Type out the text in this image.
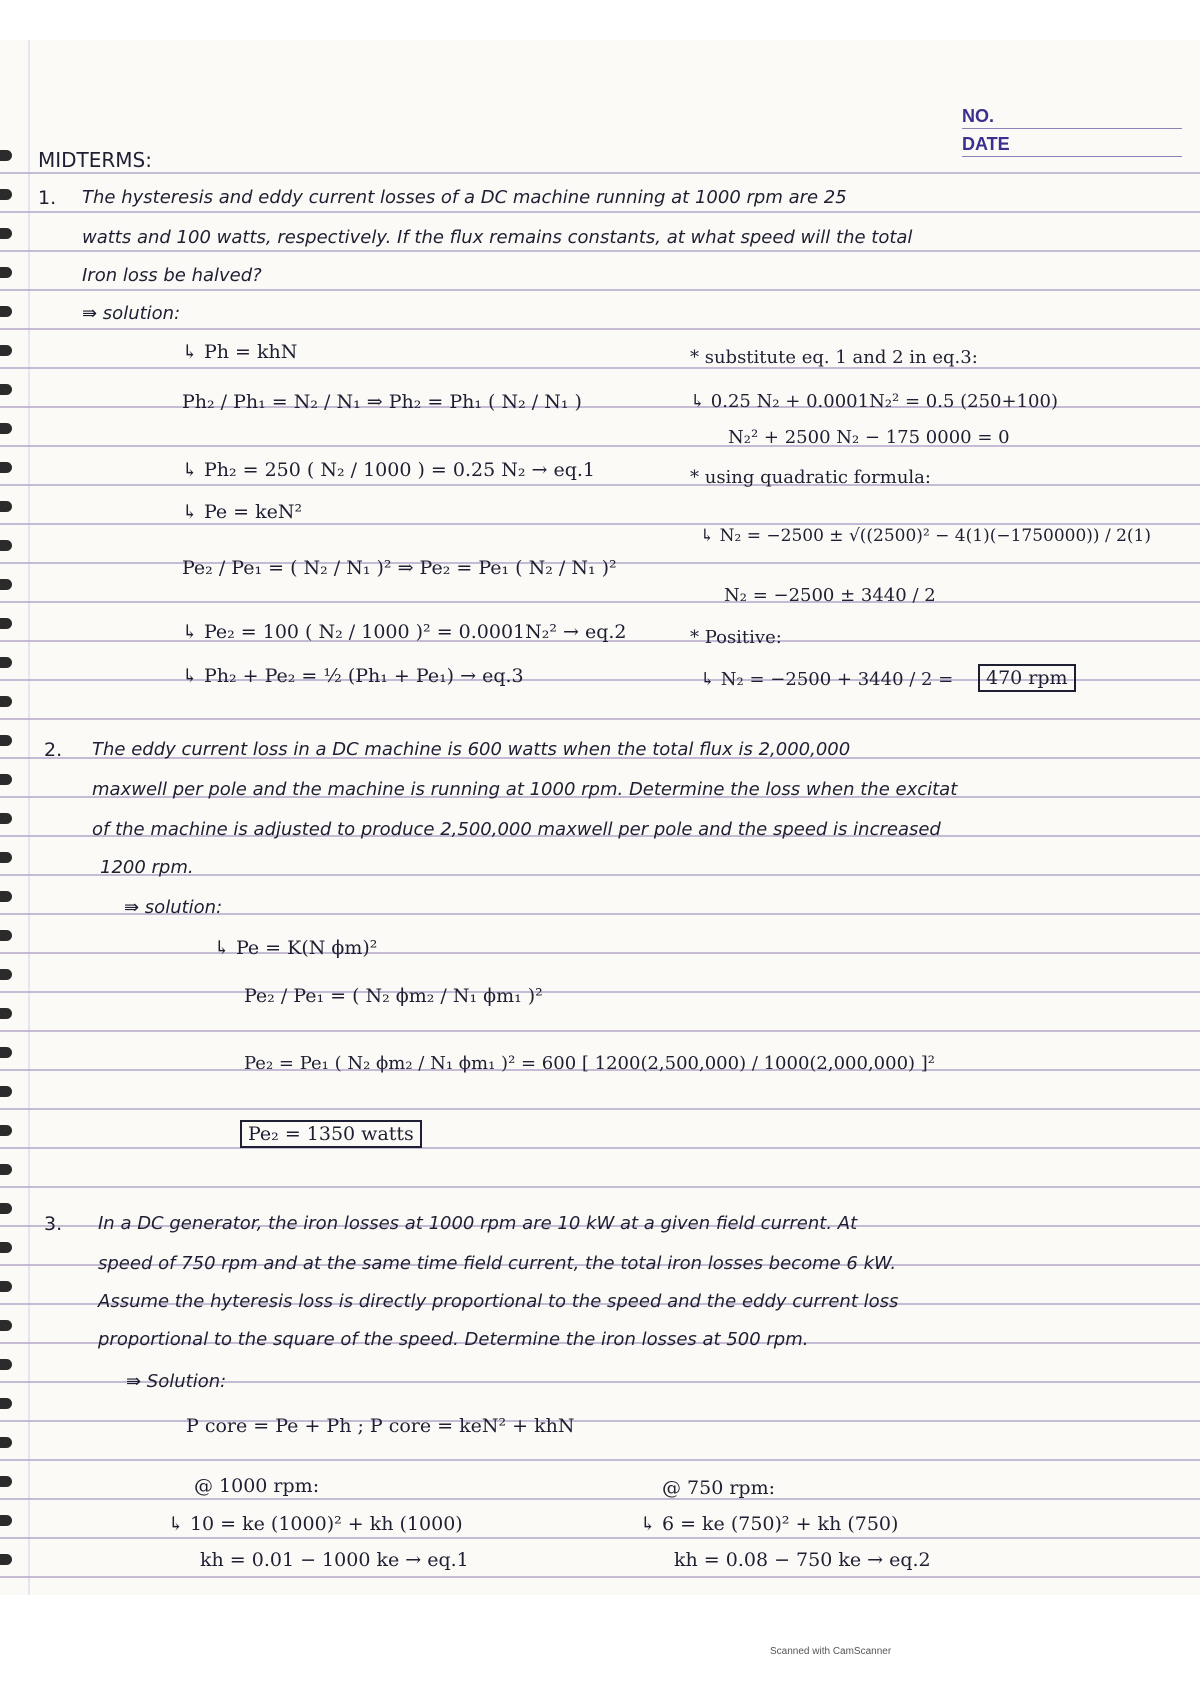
NO.
DATE
MIDTERMS:
1. The hysteresis and eddy current losses of a DC machine running at 1000 rpm are 25
watts and 100 watts, respectively. If the flux remains constants, at what speed will the total
Iron loss be halved?
⇛ solution:
↳ Ph = khN
Ph₂ / Ph₁ = N₂ / N₁ ⇒ Ph₂ = Ph₁ ( N₂ / N₁ )
↳ Ph₂ = 250 ( N₂ / 1000 ) = 0.25 N₂ → eq.1
↳ Pe = keN²
Pe₂ / Pe₁ = ( N₂ / N₁ )² ⇒ Pe₂ = Pe₁ ( N₂ / N₁ )²
↳ Pe₂ = 100 ( N₂ / 1000 )² = 0.0001N₂² → eq.2
↳ Ph₂ + Pe₂ = ½ (Ph₁ + Pe₁) → eq.3
* substitute eq. 1 and 2 in eq.3:
↳ 0.25 N₂ + 0.0001N₂² = 0.5 (250+100)
N₂² + 2500 N₂ − 175 0000 = 0
* using quadratic formula:
↳ N₂ = −2500 ± √((2500)² − 4(1)(−1750000)) / 2(1)
N₂ = −2500 ± 3440 / 2
* Positive:
↳ N₂ = −2500 + 3440 / 2 =	470 rpm
2. The eddy current loss in a DC machine is 600 watts when the total flux is 2,000,000
maxwell per pole and the machine is running at 1000 rpm. Determine the loss when the excitat
of the machine is adjusted to produce 2,500,000 maxwell per pole and the speed is increased
1200 rpm.
⇛ solution:
↳ Pe = K(N ϕm)²
Pe₂ / Pe₁ = ( N₂ ϕm₂ / N₁ ϕm₁ )²
Pe₂ = Pe₁ ( N₂ ϕm₂ / N₁ ϕm₁ )² = 600 [ 1200(2,500,000) / 1000(2,000,000) ]²
Pe₂ = 1350 watts
3. In a DC generator, the iron losses at 1000 rpm are 10 kW at a given field current. At
speed of 750 rpm and at the same time field current, the total iron losses become 6 kW.
Assume the hyteresis loss is directly proportional to the speed and the eddy current loss
proportional to the square of the speed. Determine the iron losses at 500 rpm.
⇛ Solution:
P core = Pe + Ph ; P core = keN² + khN
@ 1000 rpm:
↳ 10 = ke (1000)² + kh (1000)
kh = 0.01 − 1000 ke → eq.1
@ 750 rpm:
↳ 6 = ke (750)² + kh (750)
kh = 0.08 − 750 ke → eq.2
Scanned with CamScanner
